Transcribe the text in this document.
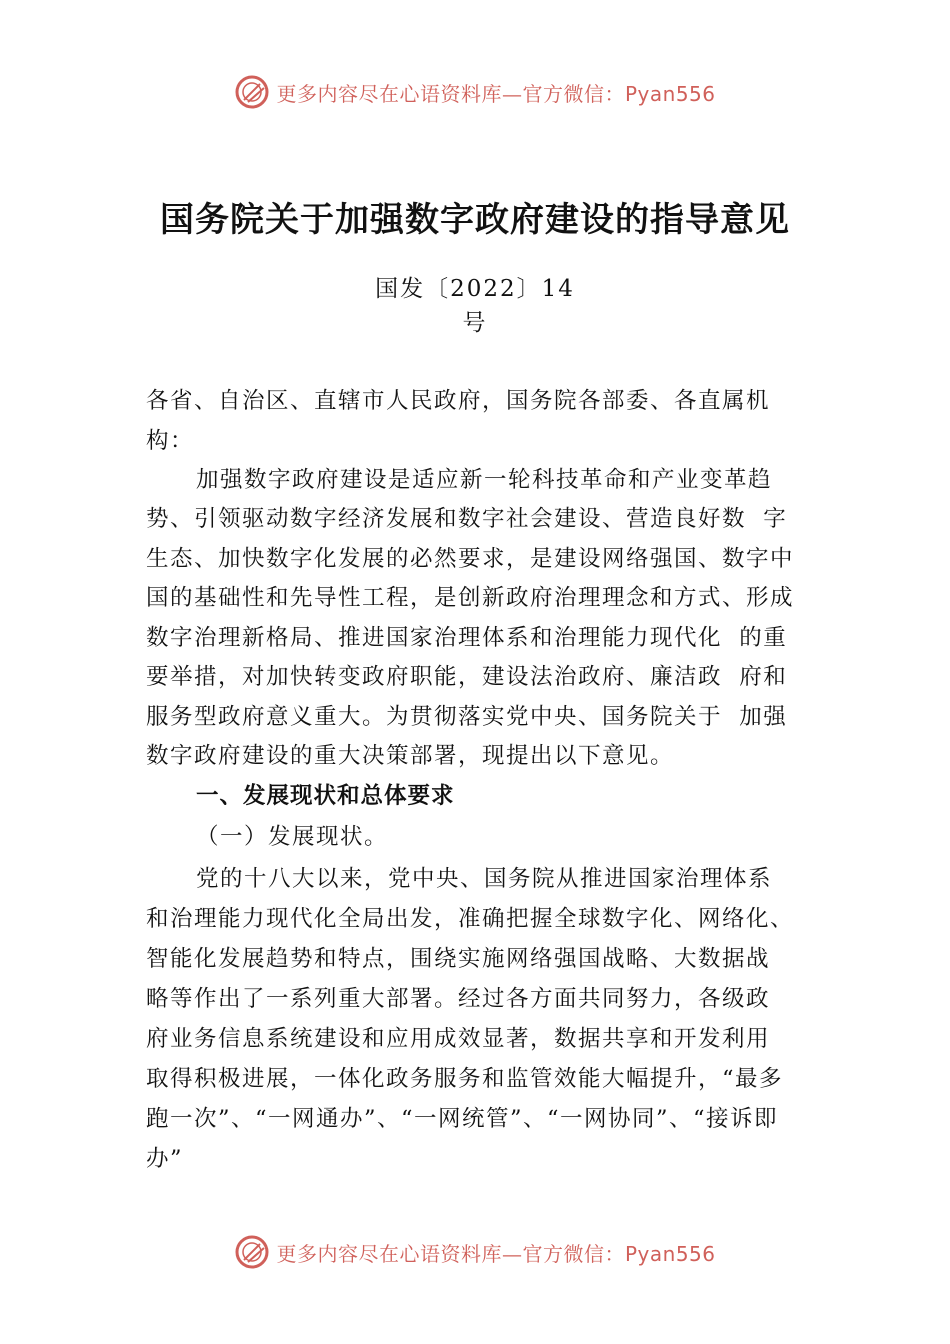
更多内容尽在心语资料库—官方微信：Pyan556
国务院关于加强数字政府建设的指导意见
国发〔2022〕14
号
各省、自治区、直辖市人民政府，国务院各部委、各直属机
构：
加强数字政府建设是适应新一轮科技革命和产业变革趋
势、引领驱动数字经济发展和数字社会建设、营造良好数  字
生态、加快数字化发展的必然要求，是建设网络强国、数字中
国的基础性和先导性工程，是创新政府治理理念和方式、形成
数字治理新格局、推进国家治理体系和治理能力现代化  的重
要举措，对加快转变政府职能，建设法治政府、廉洁政  府和
服务型政府意义重大。为贯彻落实党中央、国务院关于  加强
数字政府建设的重大决策部署，现提出以下意见。
一、发展现状和总体要求
（一）发展现状。
党的十八大以来，党中央、国务院从推进国家治理体系
和治理能力现代化全局出发，准确把握全球数字化、网络化、
智能化发展趋势和特点，围绕实施网络强国战略、大数据战
略等作出了一系列重大部署。经过各方面共同努力，各级政
府业务信息系统建设和应用成效显著，数据共享和开发利用
取得积极进展，一体化政务服务和监管效能大幅提升，“最多
跑一次”、“一网通办”、“一网统管”、“一网协同”、“接诉即
办”
更多内容尽在心语资料库—官方微信：Pyan556
